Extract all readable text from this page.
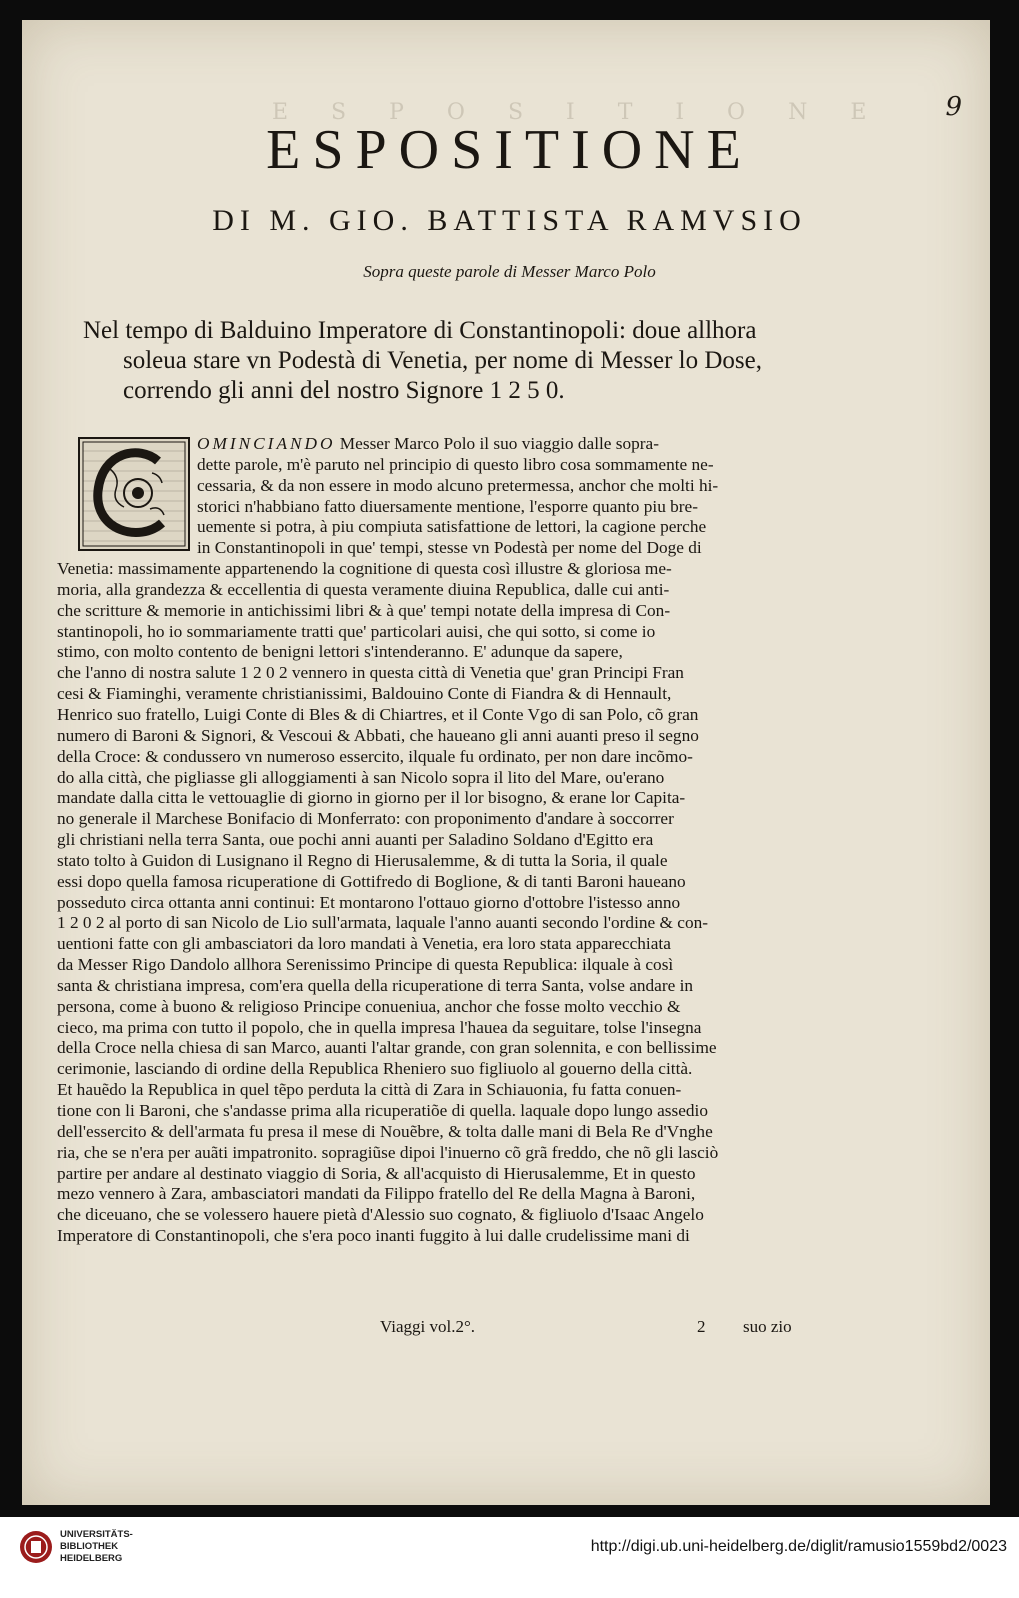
E S P O S I T I O N E 9
ESPOSITIONE
DI M. GIO. BATTISTA RAMVSIO
Sopra queste parole di Messer Marco Polo
Nel tempo di Balduino Imperatore di Constantinopoli: doue allhora
soleua stare vn Podestà di Venetia, per nome di Messer lo Dose,
correndo gli anni del nostro Signore 1 2 5 0.
OMINCIANDO Messer Marco Polo il suo viaggio dalle sopra-
dette parole, m'è paruto nel principio di questo libro cosa sommamente ne-
cessaria, & da non essere in modo alcuno pretermessa, anchor che molti hi-
storici n'habbiano fatto diuersamente mentione, l'esporre quanto piu bre-
uemente si potra, à piu compiuta satisfattione de lettori, la cagione perche
in Constantinopoli in que' tempi, stesse vn Podestà per nome del Doge di
Venetia: massimamente appartenendo la cognitione di questa così illustre & gloriosa me-
moria, alla grandezza & eccellentia di questa veramente diuina Republica, dalle cui anti-
che scritture & memorie in antichissimi libri & à que' tempi notate della impresa di Con-
stantinopoli, ho io sommariamente tratti que' particolari auisi, che qui sotto, si come io
stimo, con molto contento de benigni lettori s'intenderanno. E' adunque da sapere,
che l'anno di nostra salute 1 2 0 2 vennero in questa città di Venetia que' gran Principi Fran
cesi & Fiaminghi, veramente christianissimi, Baldouino Conte di Fiandra & di Hennault,
Henrico suo fratello, Luigi Conte di Bles & di Chiartres, et il Conte Vgo di san Polo, cõ gran
numero di Baroni & Signori, & Vescoui & Abbati, che haueano gli anni auanti preso il segno
della Croce: & condussero vn numeroso essercito, ilquale fu ordinato, per non dare incõmo-
do alla città, che pigliasse gli alloggiamenti à san Nicolo sopra il lito del Mare, ou'erano
mandate dalla citta le vettouaglie di giorno in giorno per il lor bisogno, & erane lor Capita-
no generale il Marchese Bonifacio di Monferrato: con proponimento d'andare à soccorrer
gli christiani nella terra Santa, oue pochi anni auanti per Saladino Soldano d'Egitto era
stato tolto à Guidon di Lusignano il Regno di Hierusalemme, & di tutta la Soria, il quale
essi dopo quella famosa ricuperatione di Gottifredo di Boglione, & di tanti Baroni haueano
posseduto circa ottanta anni continui: Et montarono l'ottauo giorno d'ottobre l'istesso anno
1 2 0 2 al porto di san Nicolo de Lio sull'armata, laquale l'anno auanti secondo l'ordine & con-
uentioni fatte con gli ambasciatori da loro mandati à Venetia, era loro stata apparecchiata
da Messer Rigo Dandolo allhora Serenissimo Principe di questa Republica: ilquale à così
santa & christiana impresa, com'era quella della ricuperatione di terra Santa, volse andare in
persona, come à buono & religioso Principe conueniua, anchor che fosse molto vecchio &
cieco, ma prima con tutto il popolo, che in quella impresa l'hauea da seguitare, tolse l'insegna
della Croce nella chiesa di san Marco, auanti l'altar grande, con gran solennita, e con bellissime
cerimonie, lasciando di ordine della Republica Rheniero suo figliuolo al gouerno della città.
Et hauẽdo la Republica in quel tẽpo perduta la città di Zara in Schiauonia, fu fatta conuen-
tione con li Baroni, che s'andasse prima alla ricuperatiõe di quella. laquale dopo lungo assedio
dell'essercito & dell'armata fu presa il mese di Nouẽbre, & tolta dalle mani di Bela Re d'Vnghe
ria, che se n'era per auãti impatronito. sopragiũse dipoi l'inuerno cõ grã freddo, che nõ gli lasciò
partire per andare al destinato viaggio di Soria, & all'acquisto di Hierusalemme, Et in questo
mezo vennero à Zara, ambasciatori mandati da Filippo fratello del Re della Magna à Baroni,
che diceuano, che se volessero hauere pietà d'Alessio suo cognato, & figliuolo d'Isaac Angelo
Imperatore di Constantinopoli, che s'era poco inanti fuggito à lui dalle crudelissime mani di
Viaggi vol.2°.	2 suo zio
UNIVERSITÄTS-
BIBLIOTHEK
HEIDELBERG
http://digi.ub.uni-heidelberg.de/diglit/ramusio1559bd2/0023
